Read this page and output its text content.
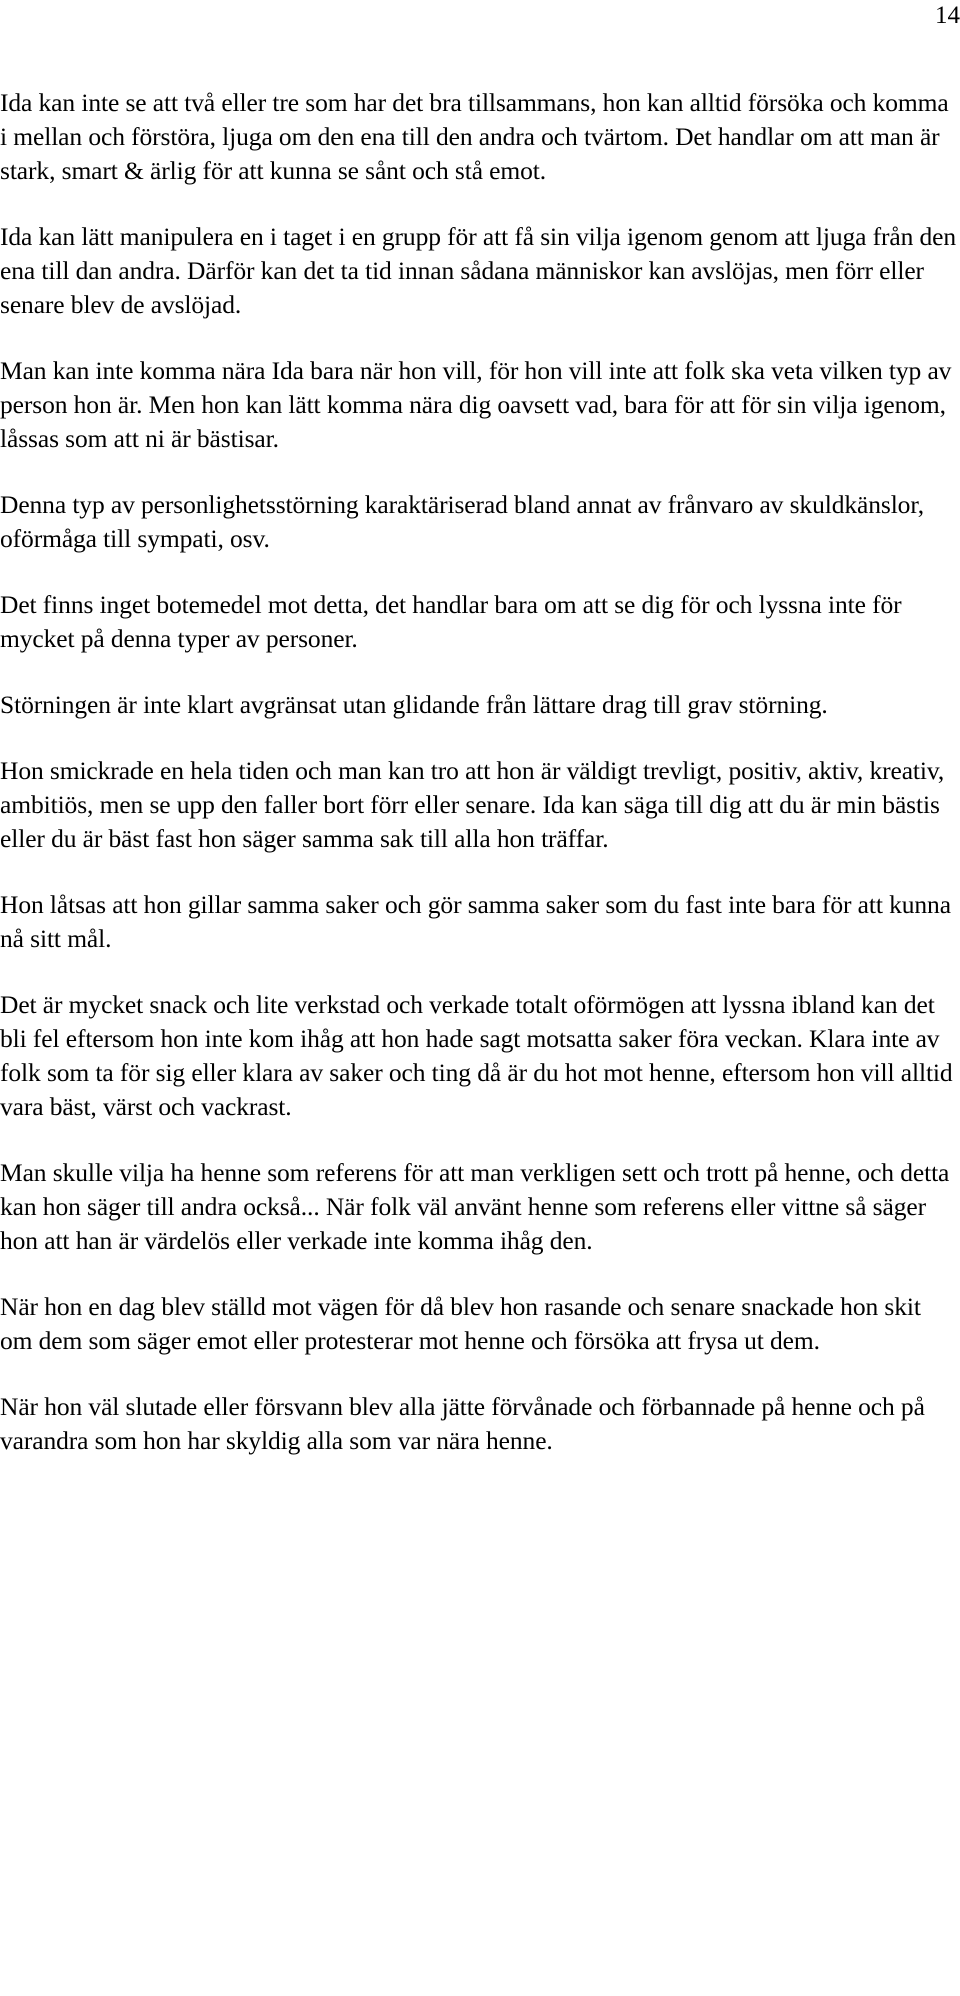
14

Ida kan inte se att två eller tre som har det bra tillsammans, hon kan alltid försöka och komma i mellan och förstöra, ljuga om den ena till den andra och tvärtom. Det handlar om att man är stark, smart & ärlig för att kunna se sånt och stå emot.

Ida kan lätt manipulera en i taget i en grupp för att få sin vilja igenom genom att ljuga från den ena till dan andra. Därför kan det ta tid innan sådana människor kan avslöjas, men förr eller senare blev de avslöjad.

Man kan inte komma nära Ida bara när hon vill, för hon vill inte att folk ska veta vilken typ av person hon är. Men hon kan lätt komma nära dig oavsett vad, bara för att för sin vilja igenom, låssas som att ni är bästisar.

Denna typ av personlighetsstörning karaktäriserad bland annat av frånvaro av skuldkänslor, oförmåga till sympati, osv.

Det finns inget botemedel mot detta, det handlar bara om att se dig för och lyssna inte för mycket på denna typer av personer.

Störningen är inte klart avgränsat utan glidande från lättare drag till grav störning.

Hon smickrade en hela tiden och man kan tro att hon är väldigt trevligt, positiv, aktiv, kreativ, ambitiös, men se upp den faller bort förr eller senare. Ida kan säga till dig att du är min bästis eller du är bäst fast hon säger samma sak till alla hon träffar.

Hon låtsas att hon gillar samma saker och gör samma saker som du fast inte bara för att kunna nå sitt mål.

Det är mycket snack och lite verkstad och verkade totalt oförmögen att lyssna ibland kan det bli fel eftersom hon inte kom ihåg att hon hade sagt motsatta saker föra veckan. Klara inte av folk som ta för sig eller klara av saker och ting då är du hot mot henne, eftersom hon vill alltid vara bäst, värst och vackrast.

Man skulle vilja ha henne som referens för att man verkligen sett och trott på henne, och detta kan hon säger till andra också... När folk väl använt henne som referens eller vittne så säger hon att han är värdelös eller verkade inte komma ihåg den.

När hon en dag blev ställd mot vägen för då blev hon rasande och senare snackade hon skit om dem som säger emot eller protesterar mot henne och försöka att frysa ut dem.

När hon väl slutade eller försvann blev alla jätte förvånade och förbannade på henne och på varandra som hon har skyldig alla som var nära henne.
